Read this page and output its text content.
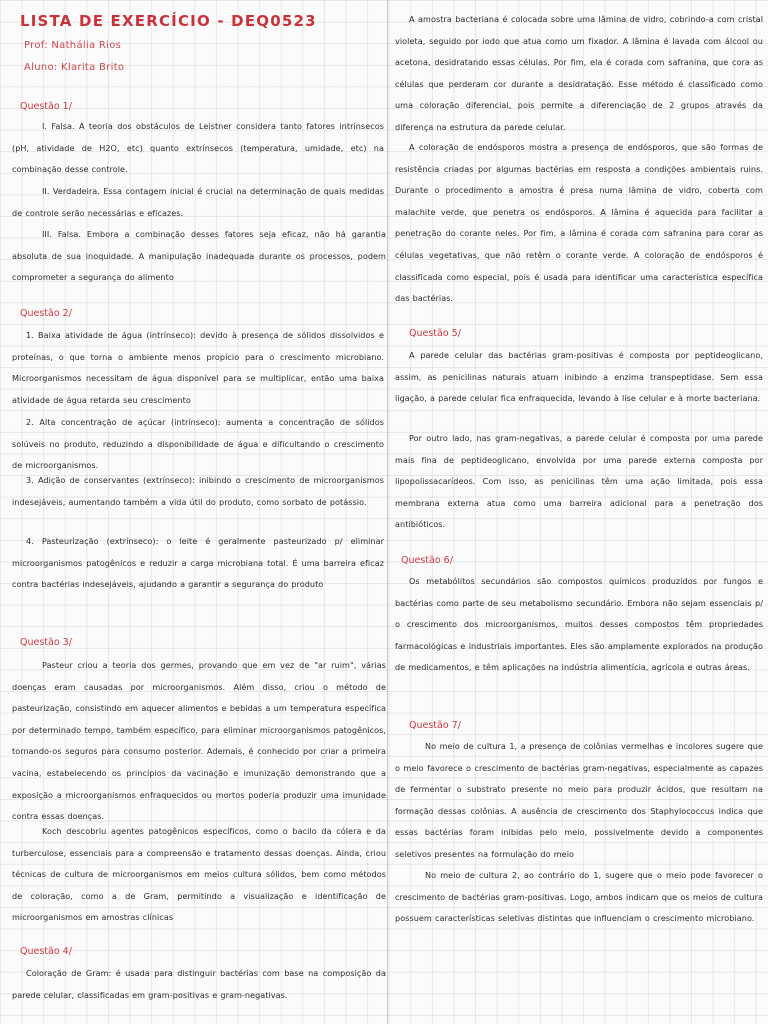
LISTA DE EXERCÍCIO - DEQ0523
Prof: Nathália Rios
Aluno: Klarita Brito
Questão 1/

I. Falsa. A teoria dos obstáculos de Leistner considera tanto fatores intrínsecos (pH, atividade de H2O, etc) quanto extrínsecos (temperatura, umidade, etc) na combinação desse controle.

II. Verdadeira. Essa contagem inicial é crucial na determinação de quais medidas de controle serão necessárias e eficazes.

III. Falsa. Embora a combinação desses fatores seja eficaz, não há garantia absoluta de sua inoquidade. A manipulação inadequada durante os processos, podem comprometer a segurança do alimento

Questão 2/

1. Baixa atividade de água (intrínseco): devido à presença de sólidos dissolvidos e proteínas, o que torna o ambiente menos propício para o crescimento microbiano. Microorganismos necessitam de água disponível para se multiplicar, então uma baixa atividade de água retarda seu crescimento

2. Alta concentração de açúcar (intrínseco): aumenta a concentração de sólidos solúveis no produto, reduzindo a disponibilidade de água e dificultando o crescimento de microorganismos.

3. Adição de conservantes (extrínseco): inibindo o crescimento de microorganismos indesejáveis, aumentando também a vida útil do produto, como sorbato de potássio.

4. Pasteurização (extrínseco): o leite é geralmente pasteurizado p/ eliminar microorganismos patogênicos e reduzir a carga microbiana total. É uma barreira eficaz contra bactérias indesejáveis, ajudando a garantir a segurança do produto

Questão 3/

Pasteur criou a teoria dos germes, provando que em vez de "ar ruim", várias doenças eram causadas por microorganismos. Além disso, criou o método de pasteurização, consistindo em aquecer alimentos e bebidas a um temperatura específica por determinado tempo, também específico, para eliminar microorganismos patogênicos, tornando-os seguros para consumo posterior. Ademais, é conhecido por criar a primeira vacina, estabelecendo os princípios da vacinação e imunização demonstrando que a exposição a microorganismos enfraquecidos ou mortos poderia produzir uma imunidade contra essas doenças.

Koch descobriu agentes patogênicos específicos, como o bacilo da cólera e da turberculose, essenciais para a compreensão e tratamento dessas doenças. Ainda, criou técnicas de cultura de microorganismos em meios cultura sólidos, bem como métodos de coloração, como a de Gram, permitindo a visualização e identificação de microorganismos em amostras clínicas

Questão 4/

Coloração de Gram: é usada para distinguir bactérias com base na composição da parede celular, classificadas em gram-positivas e gram-negativas.

A amostra bacteriana é colocada sobre uma lâmina de vidro, cobrindo-a com cristal violeta, seguido por iodo que atua como um fixador. A lâmina é lavada com álcool ou acetona, desidratando essas células. Por fim, ela é corada com safranina, que cora as células que perderam cor durante a desidratação. Esse método é classificado como uma coloração diferencial, pois permite a diferenciação de 2 grupos através da diferença na estrutura da parede celular.

A coloração de endósporos mostra a presença de endósporos, que são formas de resistência criadas por algumas bactérias em resposta a condições ambientais ruins. Durante o procedimento a amostra é presa numa lâmina de vidro, coberta com malachite verde, que penetra os endósporos. A lâmina é aquecida para facilitar a penetração do corante neles. Por fim, a lâmina é corada com safranina para corar as células vegetativas, que não retêm o corante verde. A coloração de endósporos é classificada como especial, pois é usada para identificar uma característica específica das bactérias.

Questão 5/

A parede celular das bactérias gram-positivas é composta por peptideoglicano, assim, as penicilinas naturais atuam inibindo a enzima transpeptidase. Sem essa ligação, a parede celular fica enfraquecida, levando à lise celular e à morte bacteriana.

Por outro lado, nas gram-negativas, a parede celular é composta por uma parede mais fina de peptideoglicano, envolvida por uma parede externa composta por lipopolissacarídeos. Com isso, as penicilinas têm uma ação limitada, pois essa membrana externa atua como uma barreira adicional para a penetração dos antibióticos.

Questão 6/

Os metabólitos secundários são compostos químicos produzidos por fungos e bactérias como parte de seu metabolismo secundário. Embora não sejam essenciais p/ o crescimento dos microorganismos, muitos desses compostos têm propriedades farmacológicas e industriais importantes. Eles são amplamente explorados na produção de medicamentos, e têm aplicações na indústria alimentícia, agrícola e outras áreas.

Questão 7/

No meio de cultura 1, a presença de colônias vermelhas e incolores sugere que o meio favorece o crescimento de bactérias gram-negativas, especialmente as capazes de fermentar o substrato presente no meio para produzir ácidos, que resultam na formação dessas colônias. A ausência de crescimento dos Staphylococcus indica que essas bactérias foram inibidas pelo meio, possivelmente devido a componentes seletivos presentes na formulação do meio

No meio de cultura 2, ao contrário do 1, sugere que o meio pode favorecer o crescimento de bactérias gram-positivas. Logo, ambos indicam que os meios de cultura possuem características seletivas distintas que influenciam o crescimento microbiano.
